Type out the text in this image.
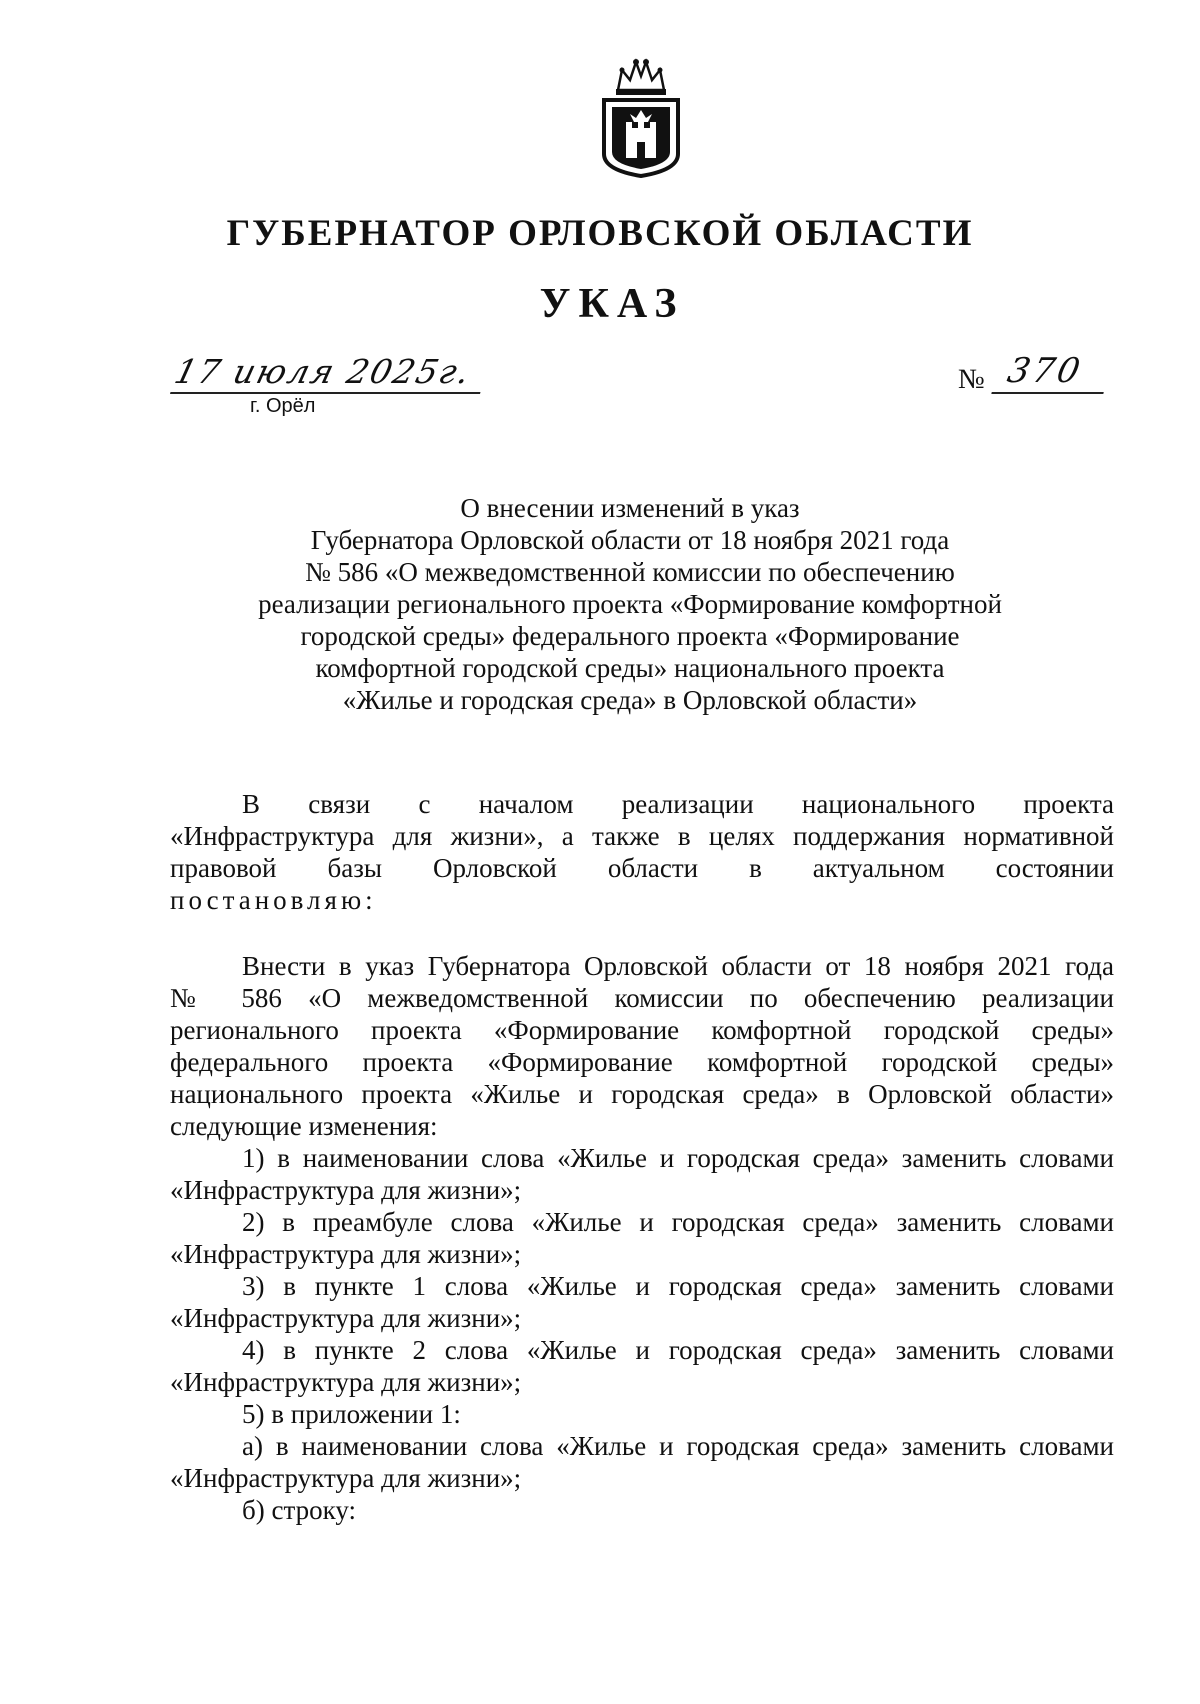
ГУБЕРНАТОР ОРЛОВСКОЙ ОБЛАСТИ
УКАЗ
17 июля 2025г.
г. Орёл
№ 370
О внесении изменений в указ
Губернатора Орловской области от 18 ноября 2021 года
№ 586 «О межведомственной комиссии по обеспечению
реализации регионального проекта «Формирование комфортной
городской среды» федерального проекта «Формирование
комфортной городской среды» национального проекта
«Жилье и городская среда» в Орловской области»
В связи с началом реализации национального проекта
«Инфраструктура для жизни», а также в целях поддержания нормативной
правовой базы Орловской области в актуальном состоянии
постановляю:
Внести в указ Губернатора Орловской области от 18 ноября 2021 года
№ 586 «О межведомственной комиссии по обеспечению реализации
регионального проекта «Формирование комфортной городской среды»
федерального проекта «Формирование комфортной городской среды»
национального проекта «Жилье и городская среда» в Орловской области»
следующие изменения:
1) в наименовании слова «Жилье и городская среда» заменить словами
«Инфраструктура для жизни»;
2) в преамбуле слова «Жилье и городская среда» заменить словами
«Инфраструктура для жизни»;
3) в пункте 1 слова «Жилье и городская среда» заменить словами
«Инфраструктура для жизни»;
4) в пункте 2 слова «Жилье и городская среда» заменить словами
«Инфраструктура для жизни»;
5) в приложении 1:
а) в наименовании слова «Жилье и городская среда» заменить словами
«Инфраструктура для жизни»;
б) строку:
